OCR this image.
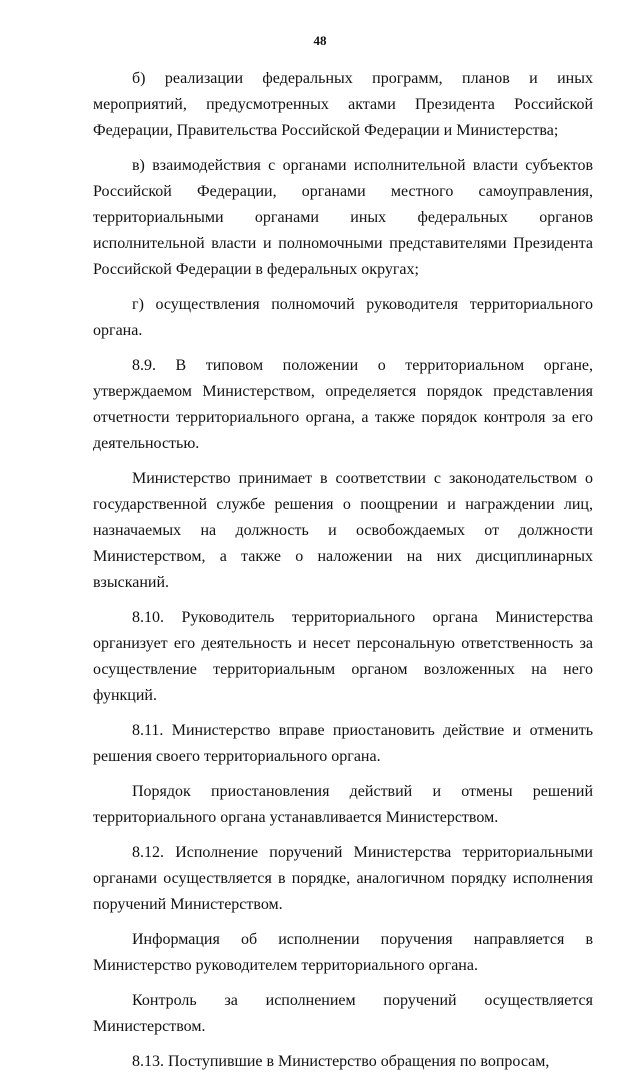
48

б) реализации федеральных программ, планов и иных мероприятий, предусмотренных актами Президента Российской Федерации, Правительства Российской Федерации и Министерства;

в) взаимодействия с органами исполнительной власти субъектов Российской Федерации, органами местного самоуправления, территориальными органами иных федеральных органов исполнительной власти и полномочными представителями Президента Российской Федерации в федеральных округах;

г) осуществления полномочий руководителя территориального органа.

8.9. В типовом положении о территориальном органе, утверждаемом Министерством, определяется порядок представления отчетности территориального органа, а также порядок контроля за его деятельностью.

Министерство принимает в соответствии с законодательством о государственной службе решения о поощрении и награждении лиц, назначаемых на должность и освобождаемых от должности Министерством, а также о наложении на них дисциплинарных взысканий.

8.10. Руководитель территориального органа Министерства организует его деятельность и несет персональную ответственность за осуществление территориальным органом возложенных на него функций.

8.11. Министерство вправе приостановить действие и отменить решения своего территориального органа.

Порядок приостановления действий и отмены решений территориального органа устанавливается Министерством.

8.12. Исполнение поручений Министерства территориальными органами осуществляется в порядке, аналогичном порядку исполнения поручений Министерством.

Информация об исполнении поручения направляется в Министерство руководителем территориального органа.

Контроль за исполнением поручений осуществляется Министерством.

8.13. Поступившие в Министерство обращения по вопросам,
